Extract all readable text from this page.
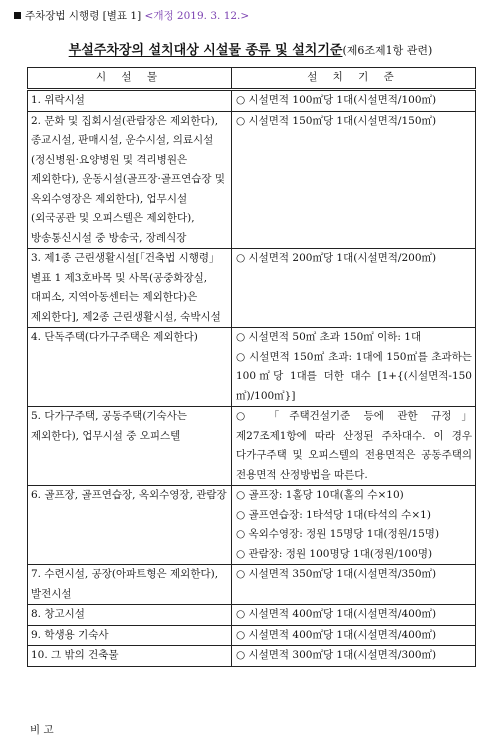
주차장법 시행령 [별표 1] <개정 2019. 3. 12.>
부설주차장의 설치대상 시설물 종류 및 설치기준(제6조제1항 관련)
시 설 물	설 치 기 준
1. 위락시설	○ 시설면적 100㎡당 1대(시설면적/100㎡)

2. 문화 및 집회시설(관람장은 제외한다), 종교시설, 판매시설, 운수시설, 의료시설(정신병원·요양병원 및 격리병원은 제외한다), 운동시설(골프장·골프연습장 및 옥외수영장은 제외한다), 업무시설(외국공관 및 오피스텔은 제외한다), 방송통신시설 중 방송국, 장례식장	○ 시설면적 150㎡당 1대(시설면적/150㎡)

3. 제1종 근린생활시설[「건축법 시행령」 별표 1 제3호바목 및 사목(공중화장실, 대피소, 지역아동센터는 제외한다)은 제외한다], 제2종 근린생활시설, 숙박시설	○ 시설면적 200㎡당 1대(시설면적/200㎡)

4. 단독주택(다가구주택은 제외한다)	○ 시설면적 50㎡ 초과 150㎡ 이하: 1대
○ 시설면적 150㎡ 초과: 1대에 150㎡를 초과하는 100㎡당 1대를 더한 대수 [1+{(시설면적-150㎡)/100㎡}]

5. 다가구주택, 공동주택(기숙사는 제외한다), 업무시설 중 오피스텔	○ 「주택건설기준 등에 관한 규정」 제27조제1항에 따라 산정된 주차대수. 이 경우 다가구주택 및 오피스텔의 전용면적은 공동주택의 전용면적 산정방법을 따른다.

6. 골프장, 골프연습장, 옥외수영장, 관람장	○ 골프장: 1홀당 10대(홀의 수×10)
○ 골프연습장: 1타석당 1대(타석의 수×1)
○ 옥외수영장: 정원 15명당 1대(정원/15명)
○ 관람장: 정원 100명당 1대(정원/100명)

7. 수련시설, 공장(아파트형은 제외한다), 발전시설	○ 시설면적 350㎡당 1대(시설면적/350㎡)

8. 창고시설	○ 시설면적 400㎡당 1대(시설면적/400㎡)

9. 학생용 기숙사	○ 시설면적 400㎡당 1대(시설면적/400㎡)

10. 그 밖의 건축물	○ 시설면적 300㎡당 1대(시설면적/300㎡)
비 고
